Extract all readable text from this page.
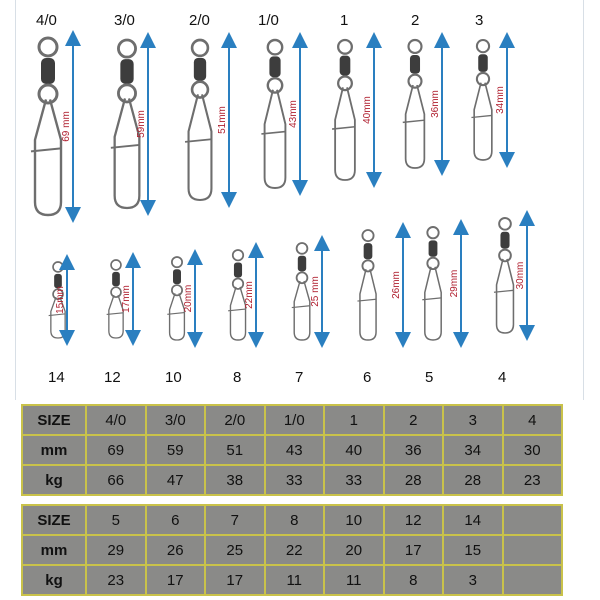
4/0	3/0	2/0	1/0	1	2	3
14	12	10	8	7	6	5	4
69 mm	59mm	51mm	43mm	40mm	36mm	34mm
15mm	17mm	20mm	22mm	25 mm	26mm	29mm	30mm
SIZE	4/0	3/0	2/0	1/0	1	2	3	4
mm	69	59	51	43	40	36	34	30
kg	66	47	38	33	33	28	28	23
SIZE	5	6	7	8	10	12	14	
mm	29	26	25	22	20	17	15	
kg	23	17	17	11	11	8	3	
